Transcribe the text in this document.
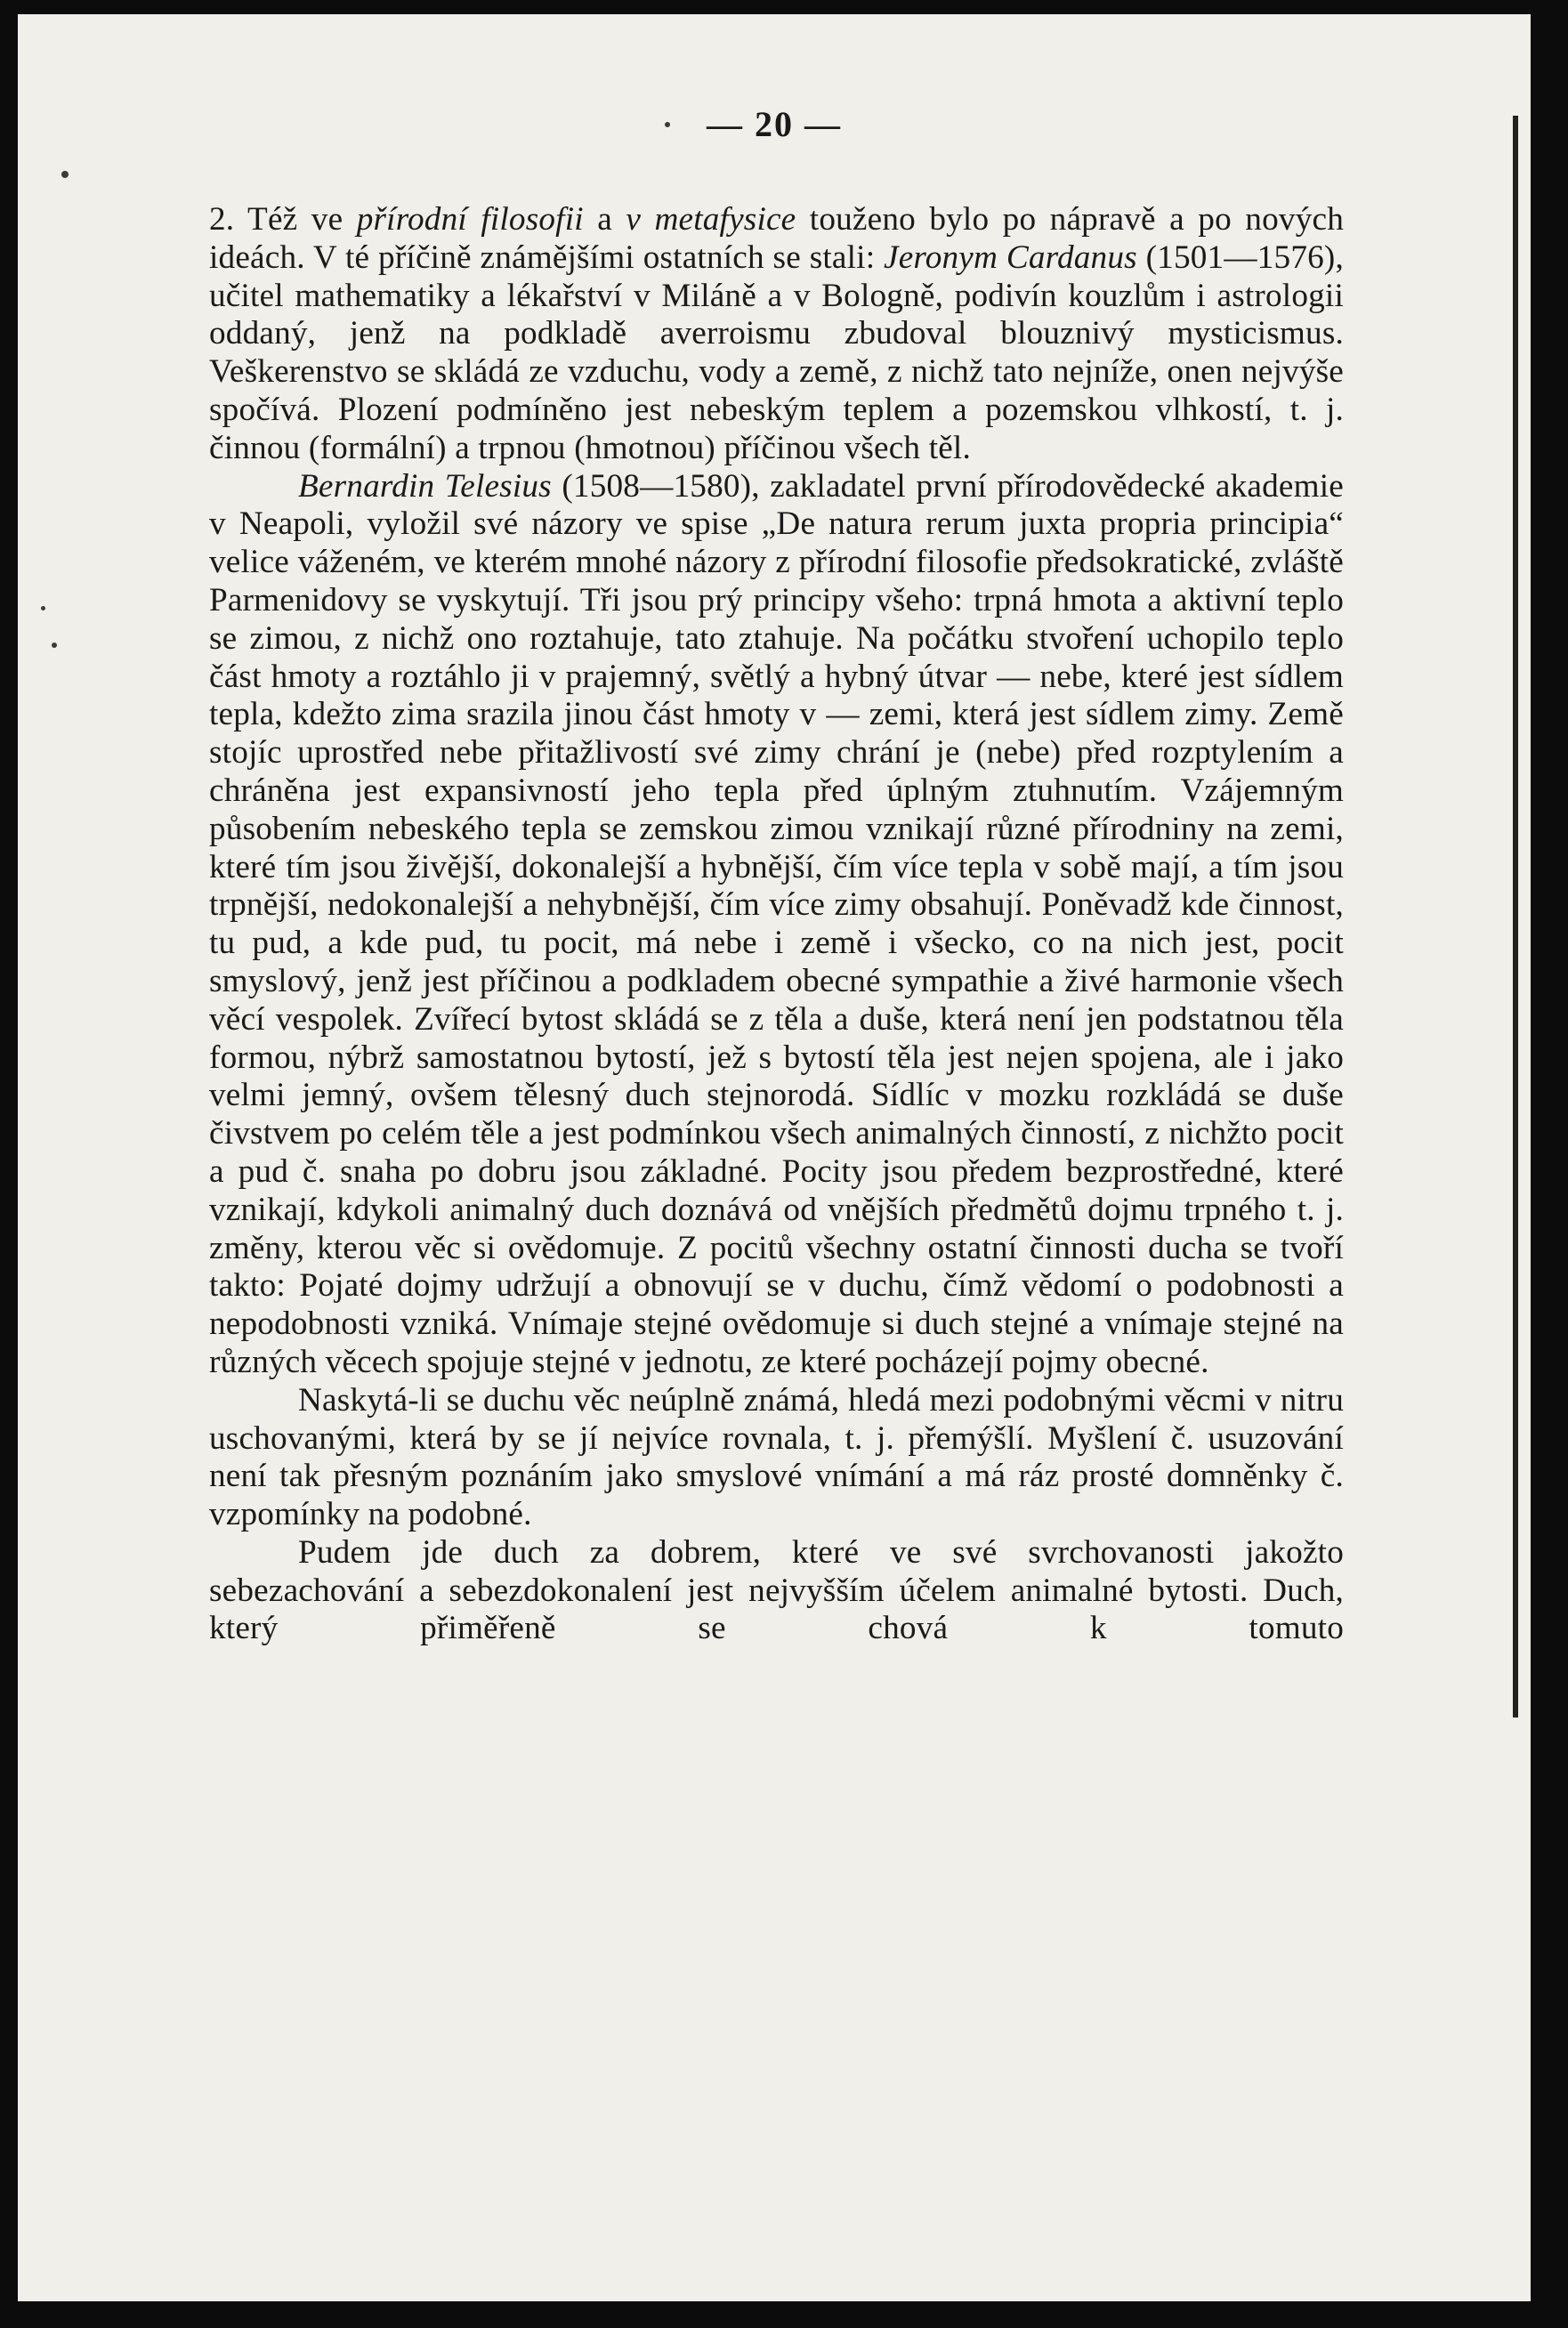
— 20 —

2. Též ve přírodní filosofii a v metafysice touženo bylo po nápravě a po nových ideách. V té příčině známějšími ostatních se stali: Jeronym Cardanus (1501—1576), učitel mathematiky a lékařství v Miláně a v Bologně, podivín kouzlům i astrologii oddaný, jenž na podkladě averroismu zbudoval blouznivý mysticismus. Veškerenstvo se skládá ze vzduchu, vody a země, z nichž tato nejníže, onen nejvýše spočívá. Plození podmíněno jest nebeským teplem a pozemskou vlhkostí, t. j. činnou (formální) a trpnou (hmotnou) příčinou všech těl.

Bernardin Telesius (1508—1580), zakladatel první přírodovědecké akademie v Neapoli, vyložil své názory ve spise „De natura rerum juxta propria principia“ velice váženém, ve kterém mnohé názory z přírodní filosofie předsokratické, zvláště Parmenidovy se vyskytují. Tři jsou prý principy všeho: trpná hmota a aktivní teplo se zimou, z nichž ono roztahuje, tato ztahuje. Na počátku stvoření uchopilo teplo část hmoty a roztáhlo ji v prajemný, světlý a hybný útvar — nebe, které jest sídlem tepla, kdežto zima srazila jinou část hmoty v — zemi, která jest sídlem zimy. Země stojíc uprostřed nebe přitažlivostí své zimy chrání je (nebe) před rozptylením a chráněna jest expansivností jeho tepla před úplným ztuhnutím. Vzájemným působením nebeského tepla se zemskou zimou vznikají různé přírodniny na zemi, které tím jsou živější, dokonalejší a hybnější, čím více tepla v sobě mají, a tím jsou trpnější, nedokonalejší a nehybnější, čím více zimy obsahují. Poněvadž kde činnost, tu pud, a kde pud, tu pocit, má nebe i země i všecko, co na nich jest, pocit smyslový, jenž jest příčinou a podkladem obecné sympathie a živé harmonie všech věcí vespolek. Zvířecí bytost skládá se z těla a duše, která není jen podstatnou těla formou, nýbrž samostatnou bytostí, jež s bytostí těla jest nejen spojena, ale i jako velmi jemný, ovšem tělesný duch stejnorodá. Sídlíc v mozku rozkládá se duše čivstvem po celém těle a jest podmínkou všech animalných činností, z nichžto pocit a pud č. snaha po dobru jsou základné. Pocity jsou předem bezprostředné, které vznikají, kdykoli animalný duch doznává od vnějších předmětů dojmu trpného t. j. změny, kterou věc si ovědomuje. Z pocitů všechny ostatní činnosti ducha se tvoří takto: Pojaté dojmy udržují a obnovují se v duchu, čímž vědomí o podobnosti a nepodobnosti vzniká. Vnímaje stejné ovědomuje si duch stejné a vnímaje stejné na různých věcech spojuje stejné v jednotu, ze které pocházejí pojmy obecné.

Naskytá-li se duchu věc neúplně známá, hledá mezi podobnými věcmi v nitru uschovanými, která by se jí nejvíce rovnala, t. j. přemýšlí. Myšlení č. usuzování není tak přesným poznáním jako smyslové vnímání a má ráz prosté domněnky č. vzpomínky na podobné.

Pudem jde duch za dobrem, které ve své svrchovanosti jakožto sebezachování a sebezdokonalení jest nejvyšším účelem animalné bytosti. Duch, který přiměřeně se chová k tomuto
